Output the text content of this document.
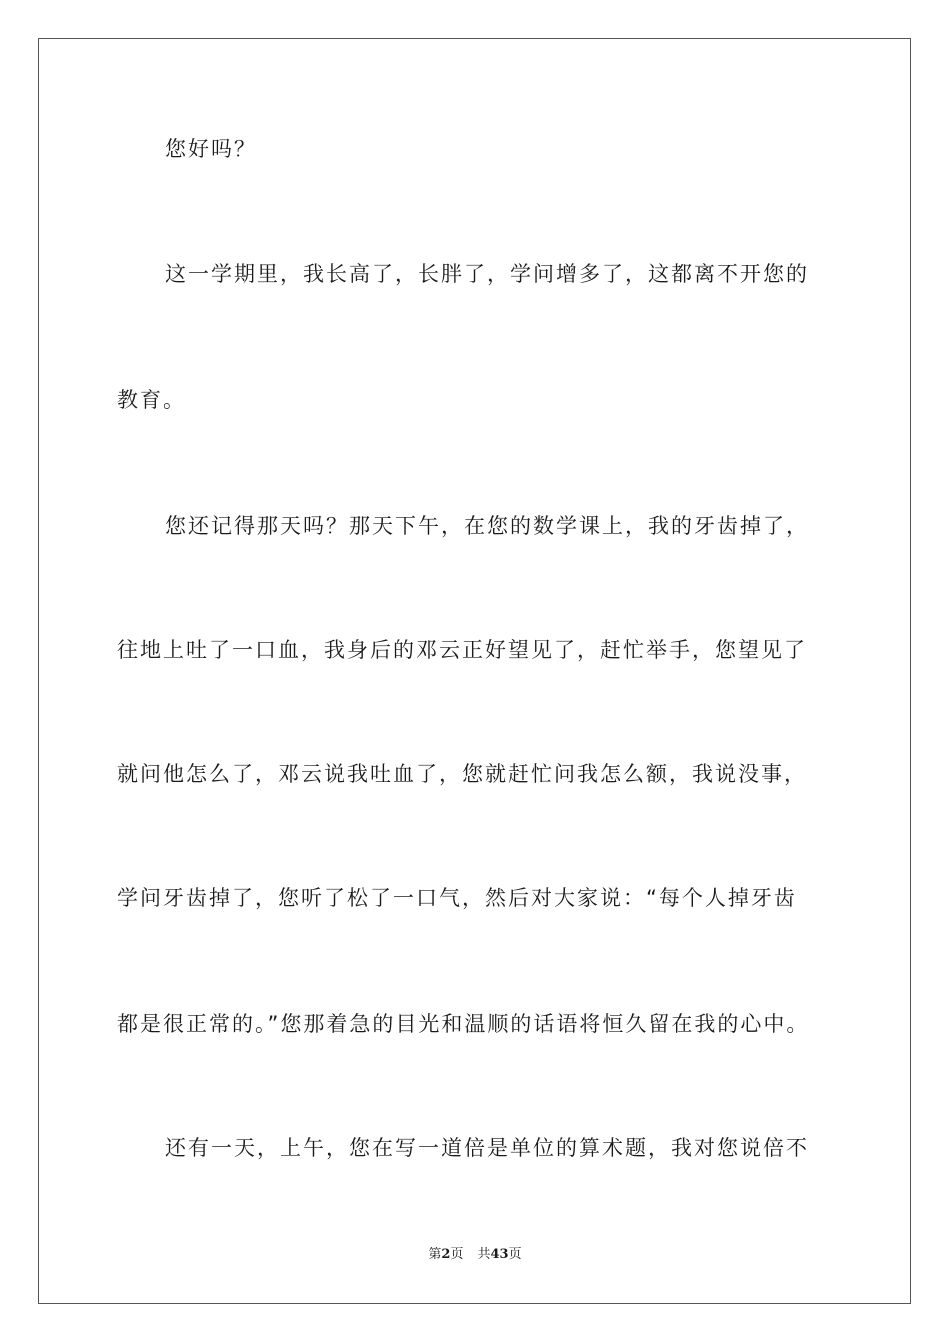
您好吗？
这一学期里，我长高了，长胖了，学问增多了，这都离不开您的
教育。
您还记得那天吗？那天下午，在您的数学课上，我的牙齿掉了，
往地上吐了一口血，我身后的邓云正好望见了，赶忙举手，您望见了
就问他怎么了，邓云说我吐血了，您就赶忙问我怎么额，我说没事，
学问牙齿掉了，您听了松了一口气，然后对大家说：“每个人掉牙齿
都是很正常的。”您那着急的目光和温顺的话语将恒久留在我的心中。
还有一天，上午，您在写一道倍是单位的算术题，我对您说倍不
第2页 共43页
